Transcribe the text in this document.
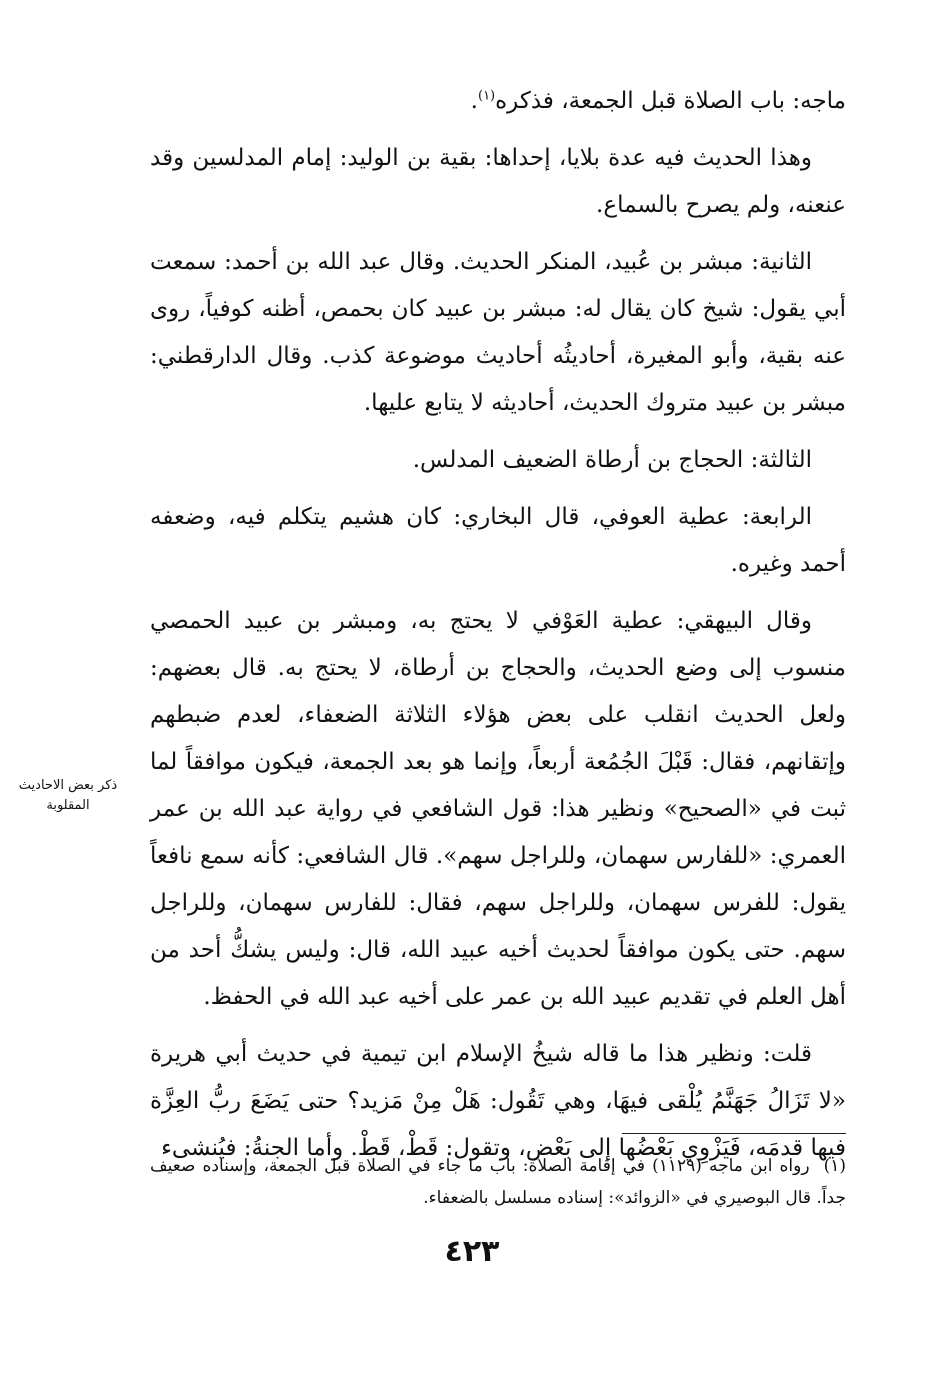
ماجه: باب الصلاة قبل الجمعة، فذكره$^{(١)}$.

وهذا الحديث فيه عدة بلايا، إحداها: بقية بن الوليد: إمام المدلسين وقد عنعنه، ولم يصرح بالسماع.

الثانية: مبشر بن عُبيد، المنكر الحديث. وقال عبد الله بن أحمد: سمعت أبي يقول: شيخ كان يقال له: مبشر بن عبيد كان بحمص، أظنه كوفياً، روى عنه بقية، وأبو المغيرة، أحاديثُه أحاديث موضوعة كذب. وقال الدارقطني: مبشر بن عبيد متروك الحديث، أحاديثه لا يتابع عليها.

الثالثة: الحجاج بن أرطاة الضعيف المدلس.

الرابعة: عطية العوفي، قال البخاري: كان هشيم يتكلم فيه، وضعفه أحمد وغيره.

وقال البيهقي: عطية العَوْفي لا يحتج به، ومبشر بن عبيد الحمصي منسوب إلى وضع الحديث، والحجاج بن أرطاة، لا يحتج به. قال بعضهم: ولعل الحديث انقلب على بعض هؤلاء الثلاثة الضعفاء، لعدم ضبطهم وإتقانهم، فقال: قَبْلَ الجُمُعة أربعاً، وإنما هو بعد الجمعة، فيكون موافقاً لما ثبت في «الصحيح» ونظير هذا: قول الشافعي في رواية عبد الله بن عمر العمري: «للفارس سهمان، وللراجل سهم». قال الشافعي: كأنه سمع نافعاً يقول: للفرس سهمان، وللراجل سهم، فقال: للفارس سهمان، وللراجل سهم. حتى يكون موافقاً لحديث أخيه عبيد الله، قال: وليس يشكُّ أحد من أهل العلم في تقديم عبيد الله بن عمر على أخيه عبد الله في الحفظ.

قلت: ونظير هذا ما قاله شيخُ الإسلام ابن تيمية في حديث أبي هريرة «لا تَزَالُ جَهَنَّمُ يُلْقى فيهَا، وهي تَقُول: هَلْ مِنْ مَزيد؟ حتى يَضَعَ ربُّ العِزَّة فيها قدمَه، فَيَزْوِي بَعْضُها إلى بَعْض، وتقول: قَطْ، قَطْ. وأما الجنةُ: فيُنشىء

ذكر بعض الاحاديث
المقلوبة
(١)رواه ابن ماجه (١١٢٩) في إقامة الصلاة: باب ما جاء في الصلاة قبل الجمعة، وإسناده صعيف جداً. قال البوصيري في «الزوائد»: إسناده مسلسل بالضعفاء.
٤٢٣
